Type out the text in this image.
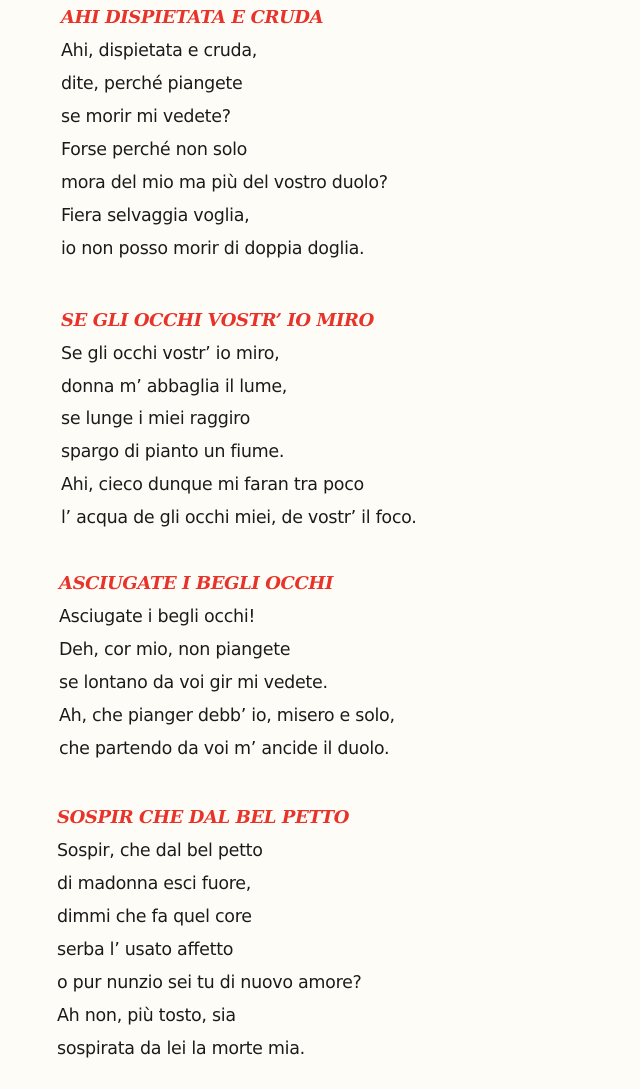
AHI DISPIETATA E CRUDA
Ahi, dispietata e cruda,
dite, perché piangete
se morir mi vedete?
Forse perché non solo
mora del mio ma più del vostro duolo?
Fiera selvaggia voglia,
io non posso morir di doppia doglia.
SE GLI OCCHI VOSTR’ IO MIRO
Se gli occhi vostr’ io miro,
donna m’ abbaglia il lume,
se lunge i miei raggiro
spargo di pianto un fiume.
Ahi, cieco dunque mi faran tra poco
l’ acqua de gli occhi miei, de vostr’ il foco.
ASCIUGATE I BEGLI OCCHI
Asciugate i begli occhi!
Deh, cor mio, non piangete
se lontano da voi gir mi vedete.
Ah, che pianger debb’ io, misero e solo,
che partendo da voi m’ ancide il duolo.
SOSPIR CHE DAL BEL PETTO
Sospir, che dal bel petto
di madonna esci fuore,
dimmi che fa quel core
serba l’ usato affetto
o pur nunzio sei tu di nuovo amore?
Ah non, più tosto, sia
sospirata da lei la morte mia.
